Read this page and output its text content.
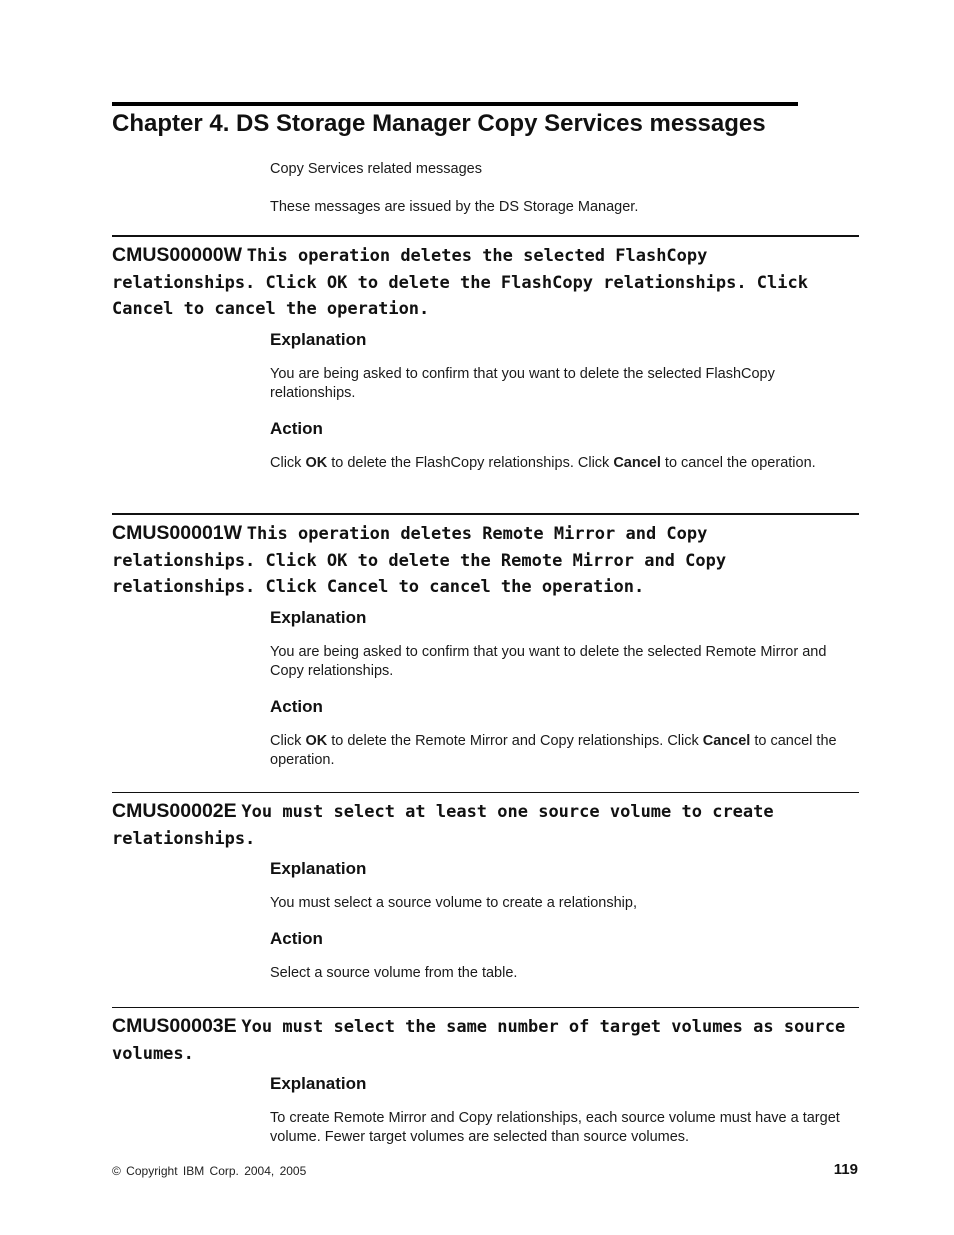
Chapter 4. DS Storage Manager Copy Services messages

Copy Services related messages

These messages are issued by the DS Storage Manager.

CMUS00000W This operation deletes the selected FlashCopy relationships. Click OK to delete the FlashCopy relationships. Click Cancel to cancel the operation.
Explanation
You are being asked to confirm that you want to delete the selected FlashCopy relationships.
Action
Click OK to delete the FlashCopy relationships. Click Cancel to cancel the operation.
CMUS00001W This operation deletes Remote Mirror and Copy relationships. Click OK to delete the Remote Mirror and Copy relationships. Click Cancel to cancel the operation.
Explanation
You are being asked to confirm that you want to delete the selected Remote Mirror and Copy relationships.
Action
Click OK to delete the Remote Mirror and Copy relationships. Click Cancel to cancel the operation.
CMUS00002E You must select at least one source volume to create relationships.
Explanation
You must select a source volume to create a relationship,
Action
Select a source volume from the table.
CMUS00003E You must select the same number of target volumes as source volumes.
Explanation
To create Remote Mirror and Copy relationships, each source volume must have a target volume. Fewer target volumes are selected than source volumes.
© Copyright IBM Corp. 2004, 2005	119
